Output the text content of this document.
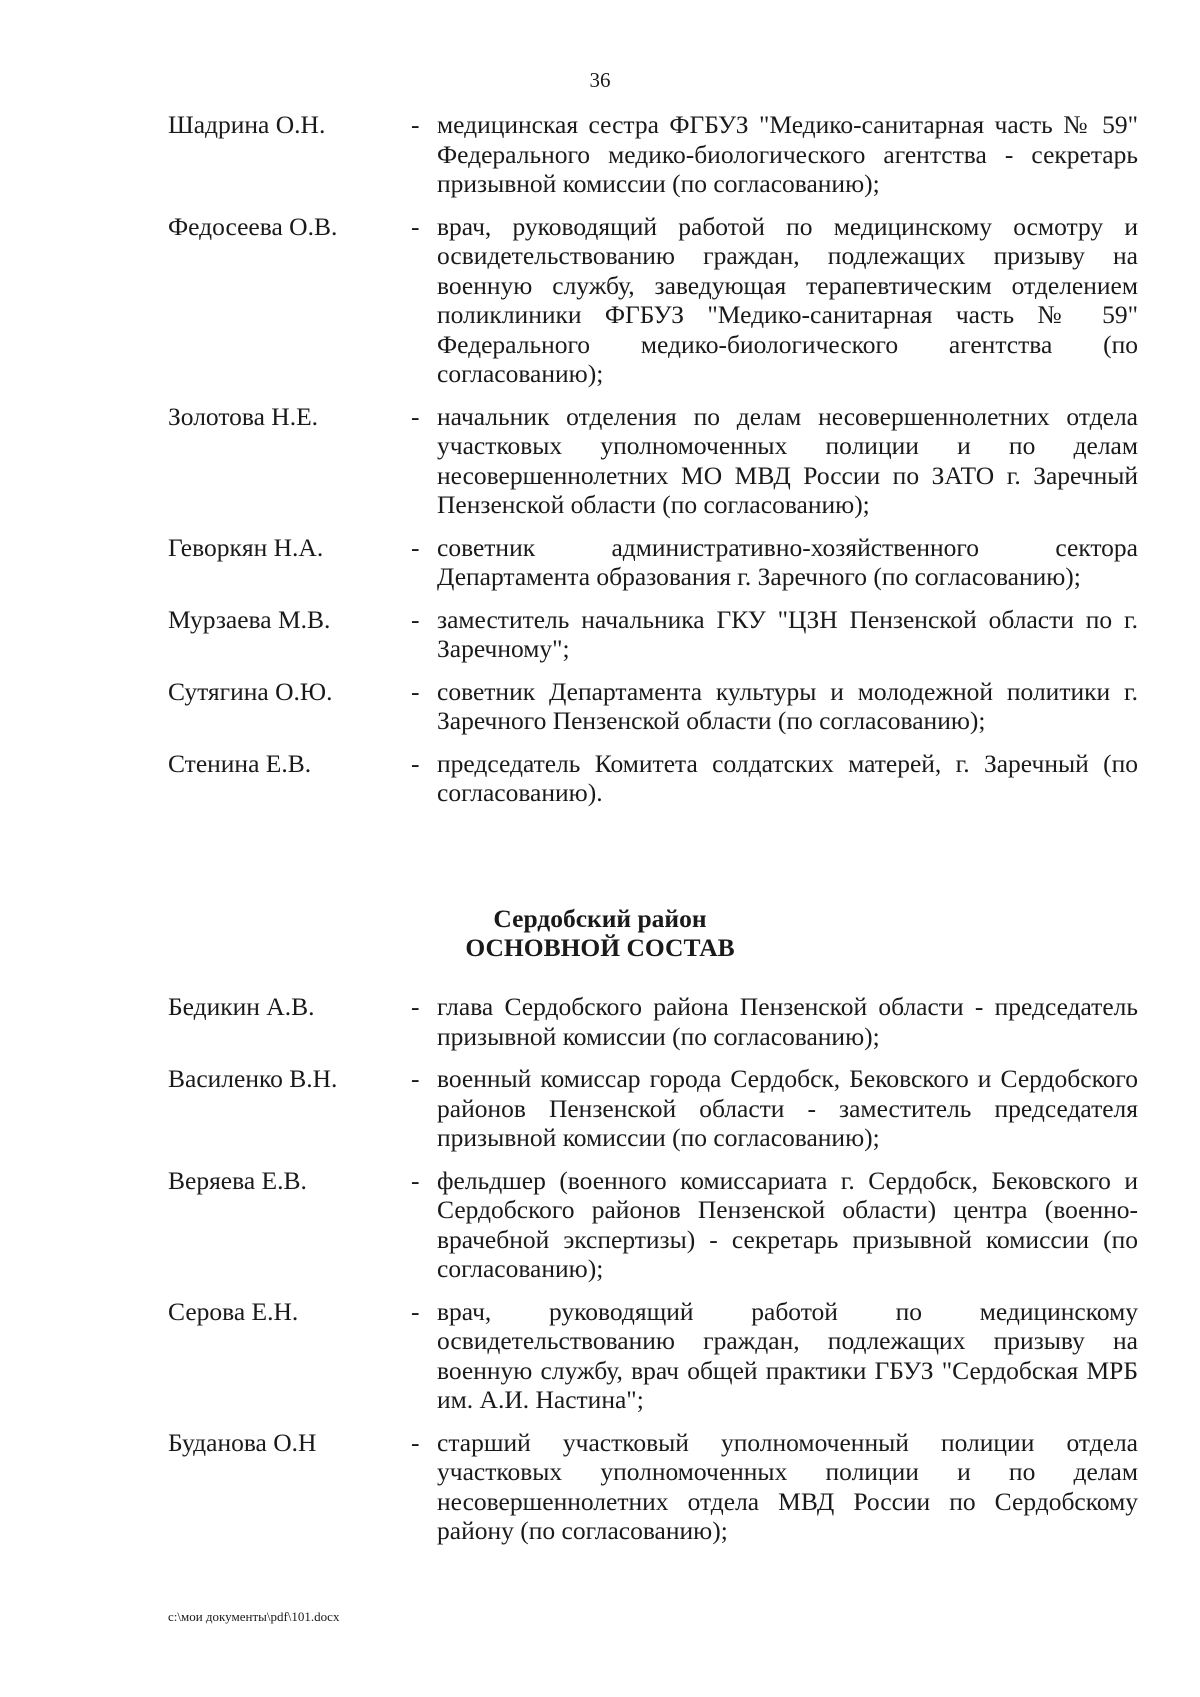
36
Шадрина О.Н.	- медицинская сестра ФГБУЗ "Медико-санитарная часть № 59" Федерального медико-биологического агентства - секретарь призывной комиссии (по согласованию);
Федосеева О.В.	- врач, руководящий работой по медицинскому осмотру и освидетельствованию граждан, подлежащих призыву на военную службу, заведующая терапевтическим отделением поликлиники ФГБУЗ "Медико-санитарная часть № 59" Федерального медико-биологического агентства (по согласованию);
Золотова Н.Е.	- начальник отделения по делам несовершеннолетних отдела участковых уполномоченных полиции и по делам несовершеннолетних МО МВД России по ЗАТО г. Заречный Пензенской области (по согласованию);
Геворкян Н.А.	- советник административно-хозяйственного сектора Департамента образования г. Заречного (по согласованию);
Мурзаева М.В.	- заместитель начальника ГКУ "ЦЗН Пензенской области по г. Заречному";
Сутягина О.Ю.	- советник Департамента культуры и молодежной политики г. Заречного Пензенской области (по согласованию);
Стенина Е.В.	- председатель Комитета солдатских матерей, г. Заречный (по согласованию).
Сердобский район
ОСНОВНОЙ СОСТАВ
Бедикин А.В.	- глава Сердобского района Пензенской области - председатель призывной комиссии (по согласованию);
Василенко В.Н.	- военный комиссар города Сердобск, Бековского и Сердобского районов Пензенской области - заместитель председателя призывной комиссии (по согласованию);
Веряева Е.В.	- фельдшер (военного комиссариата г. Сердобск, Бековского и Сердобского районов Пензенской области) центра (военно-врачебной экспертизы) - секретарь призывной комиссии (по согласованию);
Серова Е.Н.	- врач, руководящий работой по медицинскому освидетельствованию граждан, подлежащих призыву на военную службу, врач общей практики ГБУЗ "Сердобская МРБ им. А.И. Настина";
Буданова О.Н	- старший участковый уполномоченный полиции отдела участковых уполномоченных полиции и по делам несовершеннолетних отдела МВД России по Сердобскому району (по согласованию);
c:\мои документы\pdf\101.docx
